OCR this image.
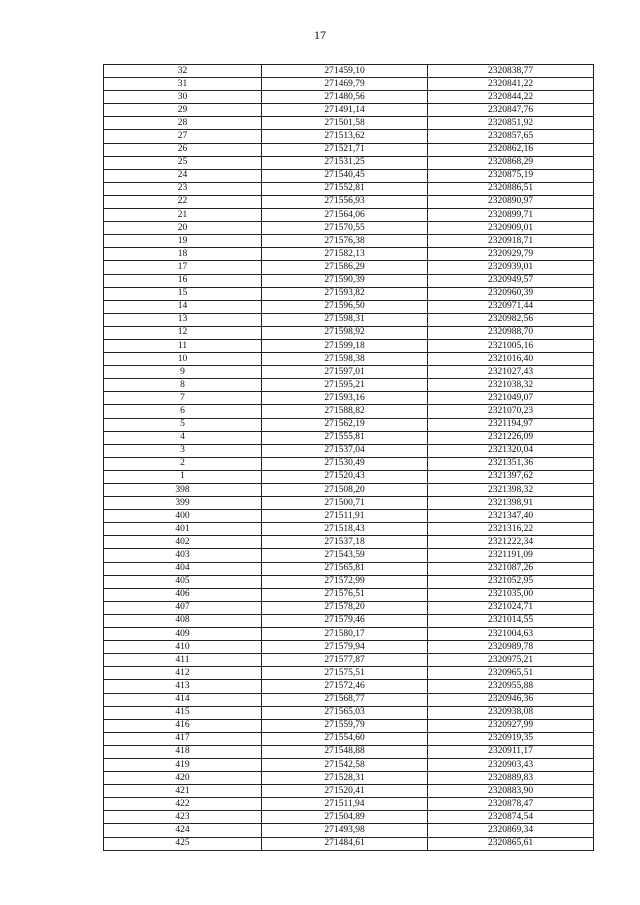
17
32	271459,10	2320838,77
31	271469,79	2320841,22
30	271480,56	2320844,22
29	271491,14	2320847,76
28	271501,58	2320851,92
27	271513,62	2320857,65
26	271521,71	2320862,16
25	271531,25	2320868,29
24	271540,45	2320875,19
23	271552,81	2320886,51
22	271556,93	2320890,97
21	271564,06	2320899,71
20	271570,55	2320909,01
19	271576,38	2320918,71
18	271582,13	2320929,79
17	271586,29	2320939,01
16	271590,39	2320949,57
15	271593,82	2320960,39
14	271596,50	2320971,44
13	271598,31	2320982,56
12	271598,92	2320988,70
11	271599,18	2321005,16
10	271598,38	2321016,40
9	271597,01	2321027,43
8	271595,21	2321038,32
7	271593,16	2321049,07
6	271588,82	2321070,23
5	271562,19	2321194,97
4	271555,81	2321226,09
3	271537,04	2321320,04
2	271530,49	2321351,36
1	271520,43	2321397,62
398	271508,20	2321398,32
399	271500,71	2321398,91
400	271511,91	2321347,40
401	271518,43	2321316,22
402	271537,18	2321222,34
403	271543,59	2321191,09
404	271565,81	2321087,26
405	271572,99	2321052,95
406	271576,51	2321035,00
407	271578,20	2321024,71
408	271579,46	2321014,55
409	271580,17	2321004,63
410	271579,94	2320989,78
411	271577,87	2320975,21
412	271575,51	2320965,51
413	271572,46	2320955,88
414	271568,77	2320946,36
415	271565,03	2320938,08
416	271559,79	2320927,99
417	271554,60	2320919,35
418	271548,88	2320911,17
419	271542,58	2320903,43
420	271528,31	2320889,83
421	271520,41	2320883,90
422	271511,94	2320878,47
423	271504,89	2320874,54
424	271493,98	2320869,34
425	271484,61	2320865,61
